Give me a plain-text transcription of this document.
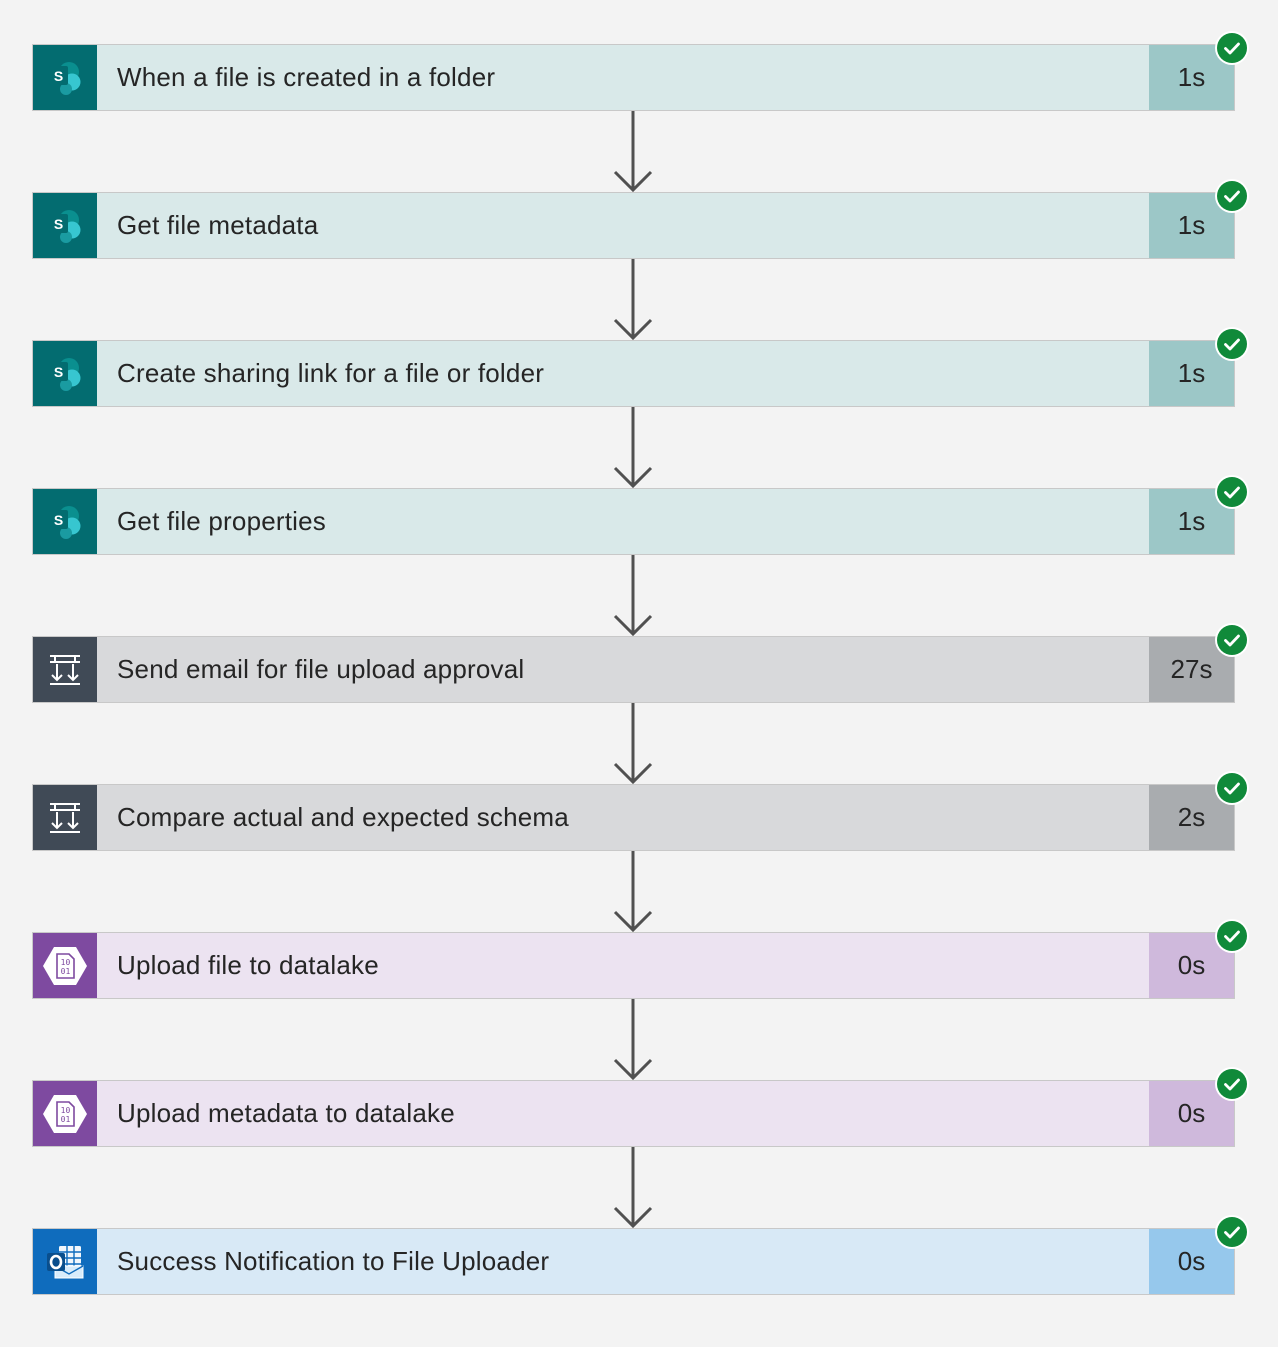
S	When a file is created in a folder	1s
S	Get file metadata	1s
S	Create sharing link for a file or folder	1s
S	Get file properties	1s
Send email for file upload approval	27s
Compare actual and expected schema	2s
10
01	Upload file to datalake	0s
10
01	Upload metadata to datalake	0s
Success Notification to File Uploader	0s
